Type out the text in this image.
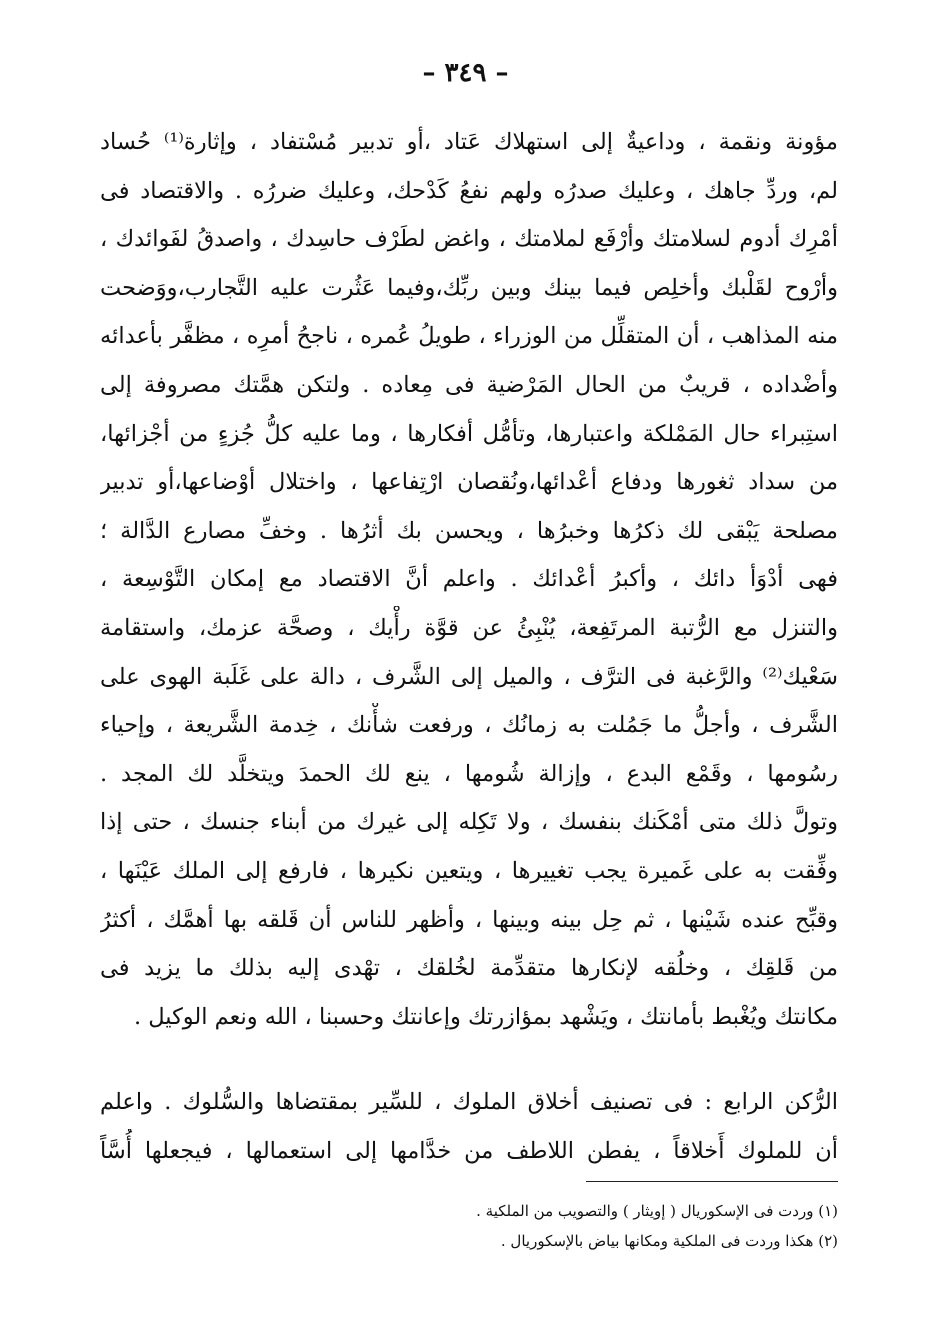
– ٣٤٩ –
مؤونة ونقمة ، وداعيةٌ إلى استهلاك عَتاد ،أو تدبير مُسْتفاد ، وإثارة⁽¹⁾ حُساد
لم، وردِّ جاهك ، وعليك صدرُه ولهم نفعُ كَدْحك، وعليك ضررُه . والاقتصاد فى
أمْرِك أدوم لسلامتك وأرْفَع لملامتك ، واغض لطَرْف حاسِدك ، واصدقُ لفَوائدك ،
وأرْوح لقَلْبك وأخلِص فيما بينك وبين ربِّك،وفيما عَثُرت عليه التَّجارب،ووَضحت
منه المذاهب ، أن المتقلِّل من الوزراء ، طويلُ عُمره ، ناجحُ أمرِه ، مظفَّر بأعدائه
وأضْداده ، قريبٌ من الحال المَرْضية فى مِعاده . ولتكن همَّتك مصروفة إلى
استِبراء حال المَمْلكة واعتبارها، وتأمُّل أفكارها ، وما عليه كلُّ جُزءٍ من أجْزائها،
من سداد ثغورها ودفاع أعْدائها،ونُقصان ارْتِفاعها ، واختلال أوْضاعها،أو تدبير
مصلحة يَبْقى لك ذكرُها وخبرُها ، ويحسن بك أثرُها . وخفِّ مصارع الدَّالة ؛
فهى أدْوَأ دائك ، وأكبرُ أعْدائك . واعلم أنَّ الاقتصاد مع إمكان التَّوْسِعة ،
والتنزل مع الرُّتبة المرتَفِعة، يُنْبِئُ عن قوَّة رأْيك ، وصحَّة عزمك، واستقامة
سَعْيك⁽²⁾ والرَّغبة فى الترَّف ، والميل إلى الشَّرف ، دالة على غَلَبة الهوى على
الشَّرف ، وأجلُّ ما جَمُلت به زمانُك ، ورفعت شأْنك ، خِدمة الشَّريعة ، وإحياء
رسُومها ، وقَمْع البدع ، وإزالة شُومها ، ينع لك الحمدَ ويتخلَّد لك المجد .
وتولَّ ذلك متى أمْكَنك بنفسك ، ولا تَكِله إلى غيرك من أبناء جنسك ، حتى إذا
وفِّقت به على غَميرة يجب تغييرها ، ويتعين نكيرها ، فارفع إلى الملك عَيْنَها ،
وقبِّح عنده شَيْنها ، ثم حِل بينه وبينها ، وأظهر للناس أن قَلقه بها أهمَّك ، أكثرُ
من قَلقِك ، وخلُقه لإنكارها متقدِّمة لخُلقك ، تهْدى إليه بذلك ما يزيد فى
مكانتك ويُغْبط بأمانتك ، ويَشْهد بمؤازرتك وإعانتك وحسبنا ، الله ونعم الوكيل .
الرُّكن الرابع : فى تصنيف أخلاق الملوك ، للسِّير بمقتضاها والسُّلوك . واعلم
أن للملوك أَخلاقاً ، يفطن اللاطف من خدَّامها إلى استعمالها ، فيجعلها أُسَّاً
(١) وردت فى الإسكوريال ( إويثار ) والتصويب من الملكية .
(٢) هكذا وردت فى الملكية ومكانها بياض بالإسكوريال .
